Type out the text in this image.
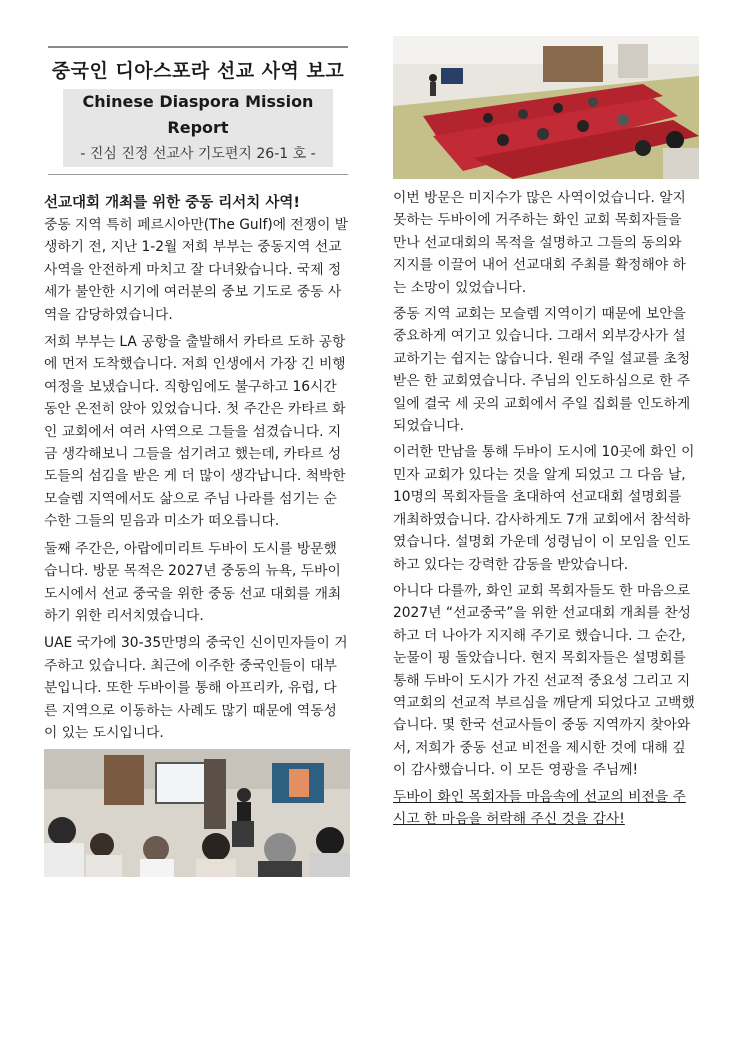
중국인 디아스포라 선교 사역 보고
Chinese Diaspora Mission Report
- 진심 진정 선교사 기도편지 26-1 호 -
선교대회 개최를 위한 중동 리서치 사역!

중동 지역 특히 페르시아만(The Gulf)에 전쟁이 발생하기 전, 지난 1-2월 저희 부부는 중동지역 선교사역을 안전하게 마치고 잘 다녀왔습니다. 국제 정세가 불안한 시기에 여러분의 중보 기도로 중동 사역을 감당하였습니다.

저희 부부는 LA 공항을 출발해서 카타르 도하 공항에 먼저 도착했습니다. 저희 인생에서 가장 긴 비행 여정을 보냈습니다. 직항임에도 불구하고 16시간 동안 온전히 앉아 있었습니다. 첫 주간은 카타르 화인 교회에서 여러 사역으로 그들을 섬겼습니다. 지금 생각해보니 그들을 섬기려고 했는데, 카타르 성도들의 섬김을 받은 게 더 많이 생각납니다. 척박한 모슬렘 지역에서도 삶으로 주님 나라를 섬기는 순수한 그들의 믿음과 미소가 떠오릅니다.

둘째 주간은, 아랍에미리트 두바이 도시를 방문했습니다. 방문 목적은 2027년 중동의 뉴욕, 두바이 도시에서 선교 중국을 위한 중동 선교 대회를 개최하기 위한 리서치였습니다.

UAE 국가에 30-35만명의 중국인 신이민자들이 거주하고 있습니다. 최근에 이주한 중국인들이 대부분입니다. 또한 두바이를 통해 아프리카, 유럽, 다른 지역으로 이동하는 사례도 많기 때문에 역동성이 있는 도시입니다.

이번 방문은 미지수가 많은 사역이었습니다. 알지 못하는 두바이에 거주하는 화인 교회 목회자들을 만나 선교대회의 목적을 설명하고 그들의 동의와 지지를 이끌어 내어 선교대회 주최를 확정해야 하는 소망이 있었습니다.

중동 지역 교회는 모슬렘 지역이기 때문에 보안을 중요하게 여기고 있습니다. 그래서 외부강사가 설교하기는 쉽지는 않습니다. 원래 주일 설교를 초청받은 한 교회였습니다. 주님의 인도하심으로 한 주일에 결국 세 곳의 교회에서 주일 집회를 인도하게 되었습니다.

이러한 만남을 통해 두바이 도시에 10곳에 화인 이민자 교회가 있다는 것을 알게 되었고 그 다음 날, 10명의 목회자들을 초대하여 선교대회 설명회를 개최하였습니다. 감사하게도 7개 교회에서 참석하였습니다. 설명회 가운데 성령님이 이 모임을 인도하고 있다는 강력한 감동을 받았습니다.

아니다 다를까, 화인 교회 목회자들도 한 마음으로 2027년 “선교중국”을 위한 선교대회 개최를 찬성하고 더 나아가 지지해 주기로 했습니다. 그 순간, 눈물이 핑 돌았습니다. 현지 목회자들은 설명회를 통해 두바이 도시가 가진 선교적 중요성 그리고 지역교회의 선교적 부르심을 깨닫게 되었다고 고백했습니다. 몇 한국 선교사들이 중동 지역까지 찾아와서, 저희가 중동 선교 비전을 제시한 것에 대해 깊이 감사했습니다. 이 모든 영광을 주님께!

두바이 화인 목회자들 마음속에 선교의 비전을 주시고 한 마음을 허락해 주신 것을 감사!
